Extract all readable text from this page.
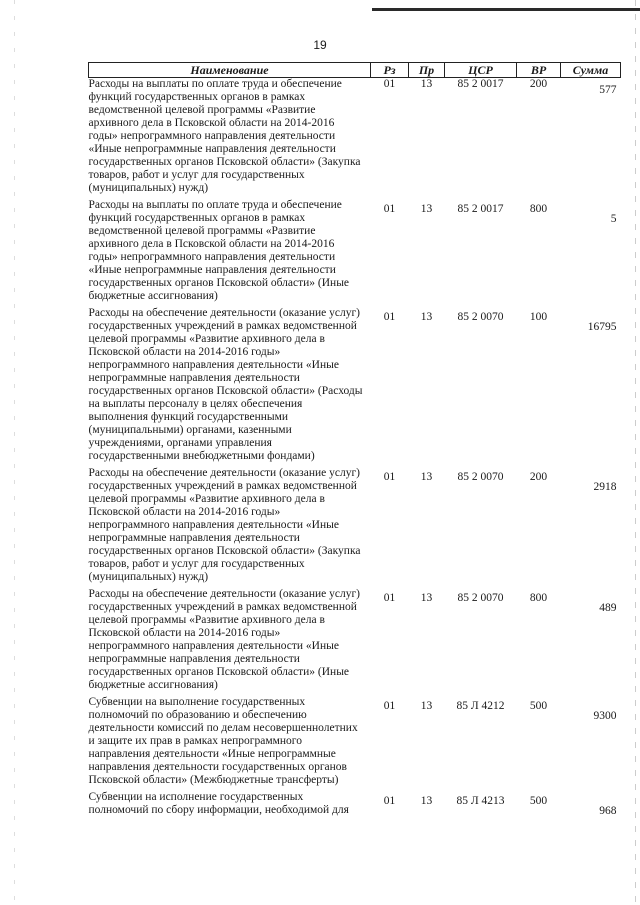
19
Наименование	Рз	Пр	ЦСР	ВР	Сумма
Расходы на выплаты по оплате труда и обеспечение функций государственных органов в рамках ведомственной целевой программы «Развитие архивного дела в Псковской области на 2014-2016 годы» непрограммного направления деятельности «Иные непрограммные направления деятельности государственных органов Псковской области» (Закупка товаров, работ и услуг для государственных (муниципальных) нужд)	01	13	85 2 0017	200	577

Расходы на выплаты по оплате труда и обеспечение функций государственных органов в рамках ведомственной целевой программы «Развитие архивного дела в Псковской области на 2014-2016 годы» непрограммного направления деятельности «Иные непрограммные направления деятельности государственных органов Псковской области» (Иные бюджетные ассигнования)	01	13	85 2 0017	800	5

Расходы на обеспечение деятельности (оказание услуг) государственных учреждений в рамках ведомственной целевой программы «Развитие архивного дела в Псковской области на 2014-2016 годы» непрограммного направления деятельности «Иные непрограммные направления деятельности государственных органов Псковской области» (Расходы на выплаты персоналу в целях обеспечения выполнения функций государственными (муниципальными) органами, казенными учреждениями, органами управления государственными внебюджетными фондами)	01	13	85 2 0070	100	16795

Расходы на обеспечение деятельности (оказание услуг) государственных учреждений в рамках ведомственной целевой программы «Развитие архивного дела в Псковской области на 2014-2016 годы» непрограммного направления деятельности «Иные непрограммные направления деятельности государственных органов Псковской области» (Закупка товаров, работ и услуг для государственных (муниципальных) нужд)	01	13	85 2 0070	200	2918

Расходы на обеспечение деятельности (оказание услуг) государственных учреждений в рамках ведомственной целевой программы «Развитие архивного дела в Псковской области на 2014-2016 годы» непрограммного направления деятельности «Иные непрограммные направления деятельности государственных органов Псковской области» (Иные бюджетные ассигнования)	01	13	85 2 0070	800	489

Субвенции на выполнение государственных полномочий по образованию и обеспечению деятельности комиссий по делам несовершеннолетних и защите их прав в рамках непрограммного направления деятельности «Иные непрограммные направления деятельности государственных органов Псковской области» (Межбюджетные трансферты)	01	13	85 Л 4212	500	9300

Субвенции на исполнение государственных полномочий по сбору информации, необходимой для	01	13	85 Л 4213	500	968
